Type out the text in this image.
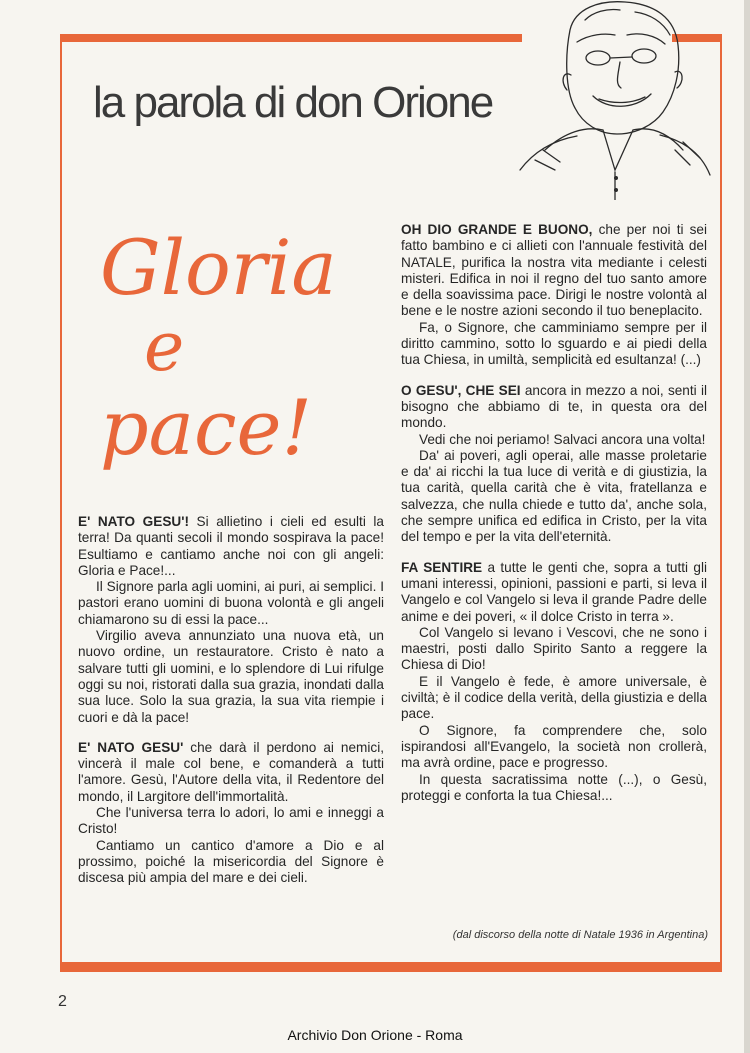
la parola di don Orione
Gloria
e
pace!

E' NATO GESU'! Si allietino i cieli ed esulti la terra! Da quanti secoli il mondo sospirava la pace! Esultiamo e cantiamo anche noi con gli angeli: Gloria e Pace!...

Il Signore parla agli uomini, ai puri, ai semplici. I pastori erano uomini di buona volontà e gli angeli chiamarono su di essi la pace...

Virgilio aveva annunziato una nuova età, un nuovo ordine, un restauratore. Cristo è nato a salvare tutti gli uomini, e lo splendore di Lui rifulge oggi su noi, ristorati dalla sua grazia, inondati dalla sua luce. Solo la sua grazia, la sua vita riempie i cuori e dà la pace!

E' NATO GESU' che darà il perdono ai nemici, vincerà il male col bene, e comanderà a tutti l'amore. Gesù, l'Autore della vita, il Redentore del mondo, il Largitore dell'immortalità.

Che l'universa terra lo adori, lo ami e inneggi a Cristo!

Cantiamo un cantico d'amore a Dio e al prossimo, poiché la misericordia del Signore è discesa più ampia del mare e dei cieli.

OH DIO GRANDE E BUONO, che per noi ti sei fatto bambino e ci allieti con l'annuale festività del NATALE, purifica la nostra vita mediante i celesti misteri. Edifica in noi il regno del tuo santo amore e della soavissima pace. Dirigi le nostre volontà al bene e le nostre azioni secondo il tuo beneplacito.

Fa, o Signore, che camminiamo sempre per il diritto cammino, sotto lo sguardo e ai piedi della tua Chiesa, in umiltà, semplicità ed esultanza! (...)

O GESU', CHE SEI ancora in mezzo a noi, senti il bisogno che abbiamo di te, in questa ora del mondo.

Vedi che noi periamo! Salvaci ancora una volta!

Da' ai poveri, agli operai, alle masse proletarie e da' ai ricchi la tua luce di verità e di giustizia, la tua carità, quella carità che è vita, fratellanza e salvezza, che nulla chiede e tutto da', anche sola, che sempre unifica ed edifica in Cristo, per la vita del tempo e per la vita dell'eternità.

FA SENTIRE a tutte le genti che, sopra a tutti gli umani interessi, opinioni, passioni e parti, si leva il Vangelo e col Vangelo si leva il grande Padre delle anime e dei poveri, « il dolce Cristo in terra ».

Col Vangelo si levano i Vescovi, che ne sono i maestri, posti dallo Spirito Santo a reggere la Chiesa di Dio!

E il Vangelo è fede, è amore universale, è civiltà; è il codice della verità, della giustizia e della pace.

O Signore, fa comprendere che, solo ispirandosi all'Evangelo, la società non crollerà, ma avrà ordine, pace e progresso.

In questa sacratissima notte (...), o Gesù, proteggi e conforta la tua Chiesa!...

(dal discorso della notte di Natale 1936 in Argentina)
2
Archivio Don Orione - Roma
